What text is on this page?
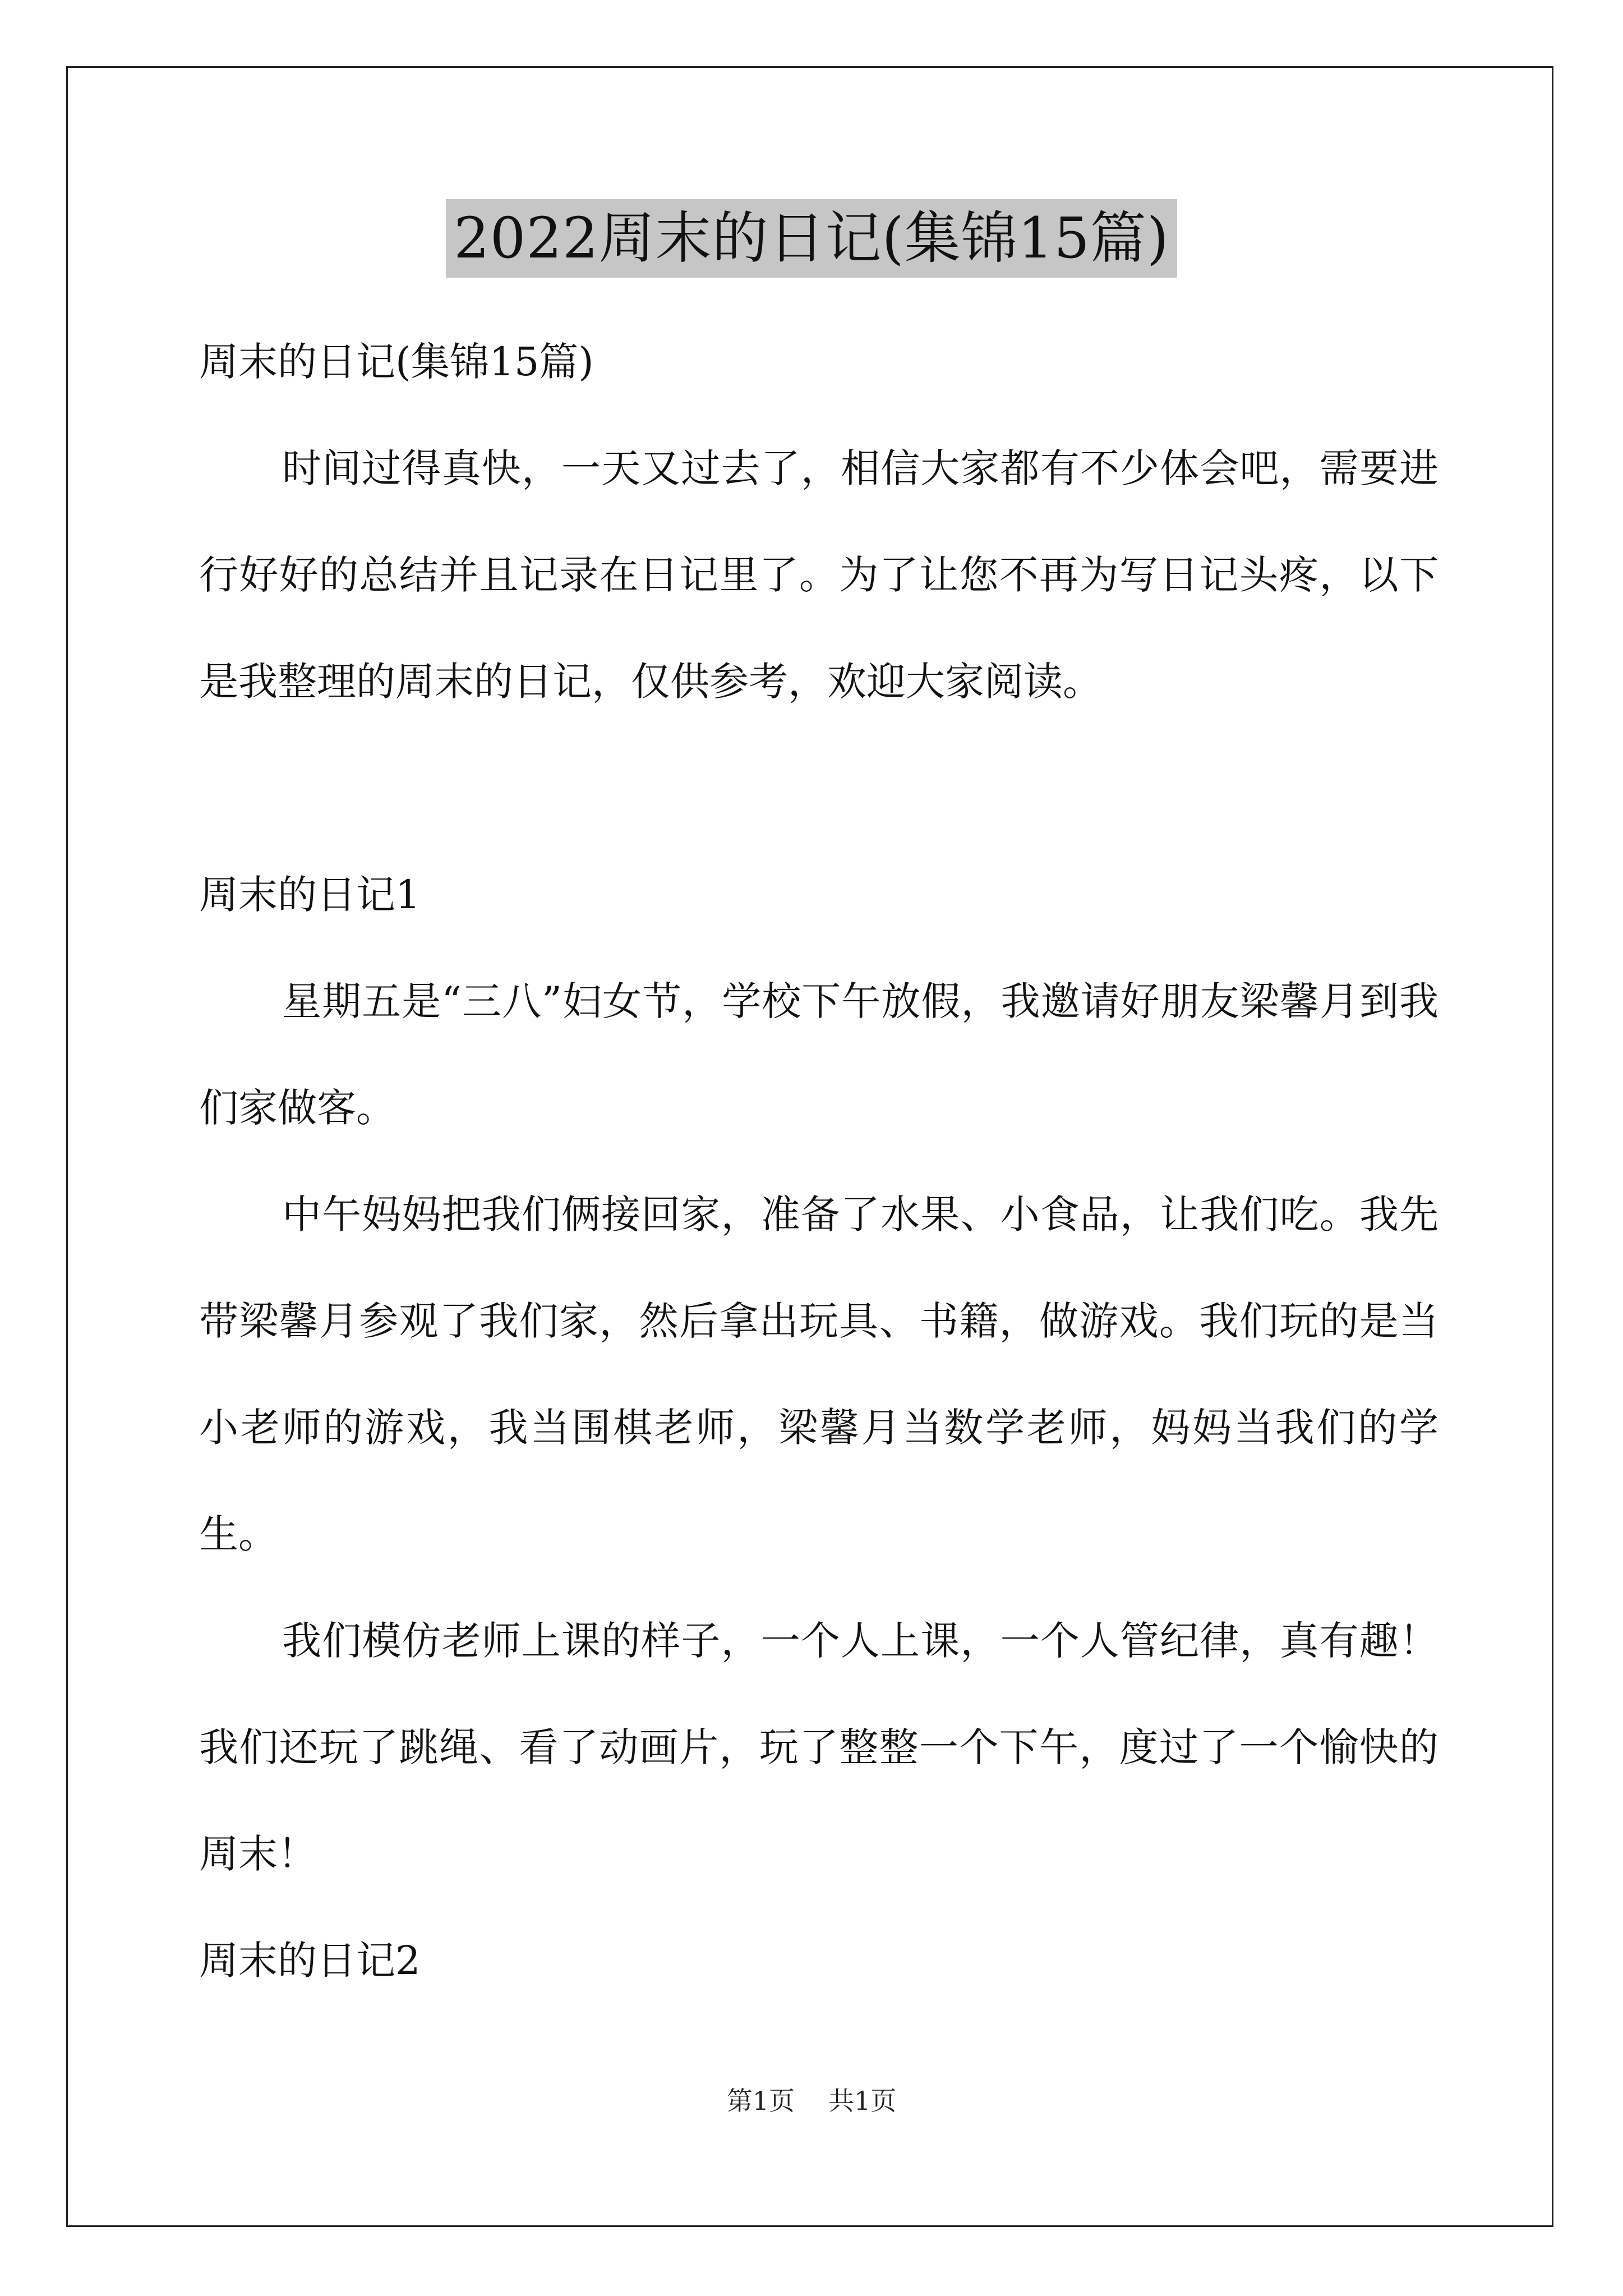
2022周末的日记(集锦15篇)

周末的日记(集锦15篇)

时间过得真快，一天又过去了，相信大家都有不少体会吧，需要进行好好的总结并且记录在日记里了。为了让您不再为写日记头疼，以下是我整理的周末的日记，仅供参考，欢迎大家阅读。

周末的日记1

星期五是“三八”妇女节，学校下午放假，我邀请好朋友梁馨月到我们家做客。

中午妈妈把我们俩接回家，准备了水果、小食品，让我们吃。我先带梁馨月参观了我们家，然后拿出玩具、书籍，做游戏。我们玩的是当小老师的游戏，我当围棋老师，梁馨月当数学老师，妈妈当我们的学生。

我们模仿老师上课的样子，一个人上课，一个人管纪律，真有趣！我们还玩了跳绳、看了动画片，玩了整整一个下午，度过了一个愉快的周末！

周末的日记2

第1页 共1页
